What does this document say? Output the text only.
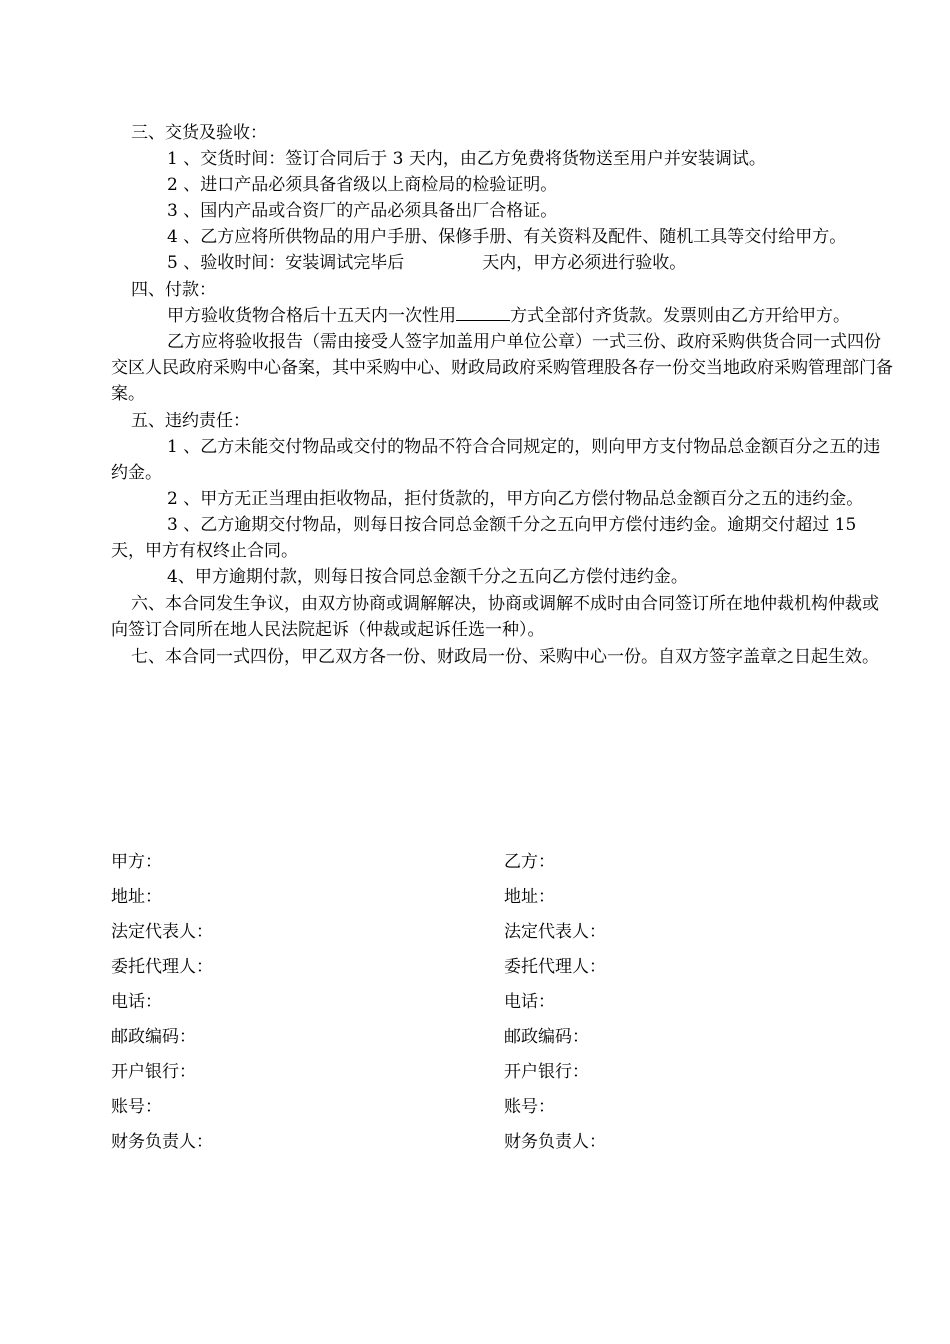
三、交货及验收：

1 、交货时间：签订合同后于 3 天内，由乙方免费将货物送至用户并安装调试。

2 、进口产品必须具备省级以上商检局的检验证明。

3 、国内产品或合资厂的产品必须具备出厂合格证。

4 、乙方应将所供物品的用户手册、保修手册、有关资料及配件、随机工具等交付给甲方。

5 、验收时间：安装调试完毕后	天内，甲方必须进行验收。

四、付款：

甲方验收货物合格后十五天内一次性用	方式全部付齐货款。发票则由乙方开给甲方。

乙方应将验收报告（需由接受人签字加盖用户单位公章）一式三份、政府采购供货合同一式四份交区人民政府采购中心备案，其中采购中心、财政局政府采购管理股各存一份交当地政府采购管理部门备案。

五、违约责任：

1 、乙方未能交付物品或交付的物品不符合合同规定的，则向甲方支付物品总金额百分之五的违约金。

2 、甲方无正当理由拒收物品，拒付货款的，甲方向乙方偿付物品总金额百分之五的违约金。

3 、乙方逾期交付物品，则每日按合同总金额千分之五向甲方偿付违约金。逾期交付超过 15 天，甲方有权终止合同。

4、甲方逾期付款，则每日按合同总金额千分之五向乙方偿付违约金。

六、本合同发生争议，由双方协商或调解解决，协商或调解不成时由合同签订所在地仲裁机构仲裁或向签订合同所在地人民法院起诉（仲裁或起诉任选一种）。

七、本合同一式四份，甲乙双方各一份、财政局一份、采购中心一份。自双方签字盖章之日起生效。

甲方：	乙方：
地址：	地址：
法定代表人：	法定代表人：
委托代理人：	委托代理人：
电话：	电话：
邮政编码：	邮政编码：
开户银行：	开户银行：
账号：	账号：
财务负责人：	财务负责人：
